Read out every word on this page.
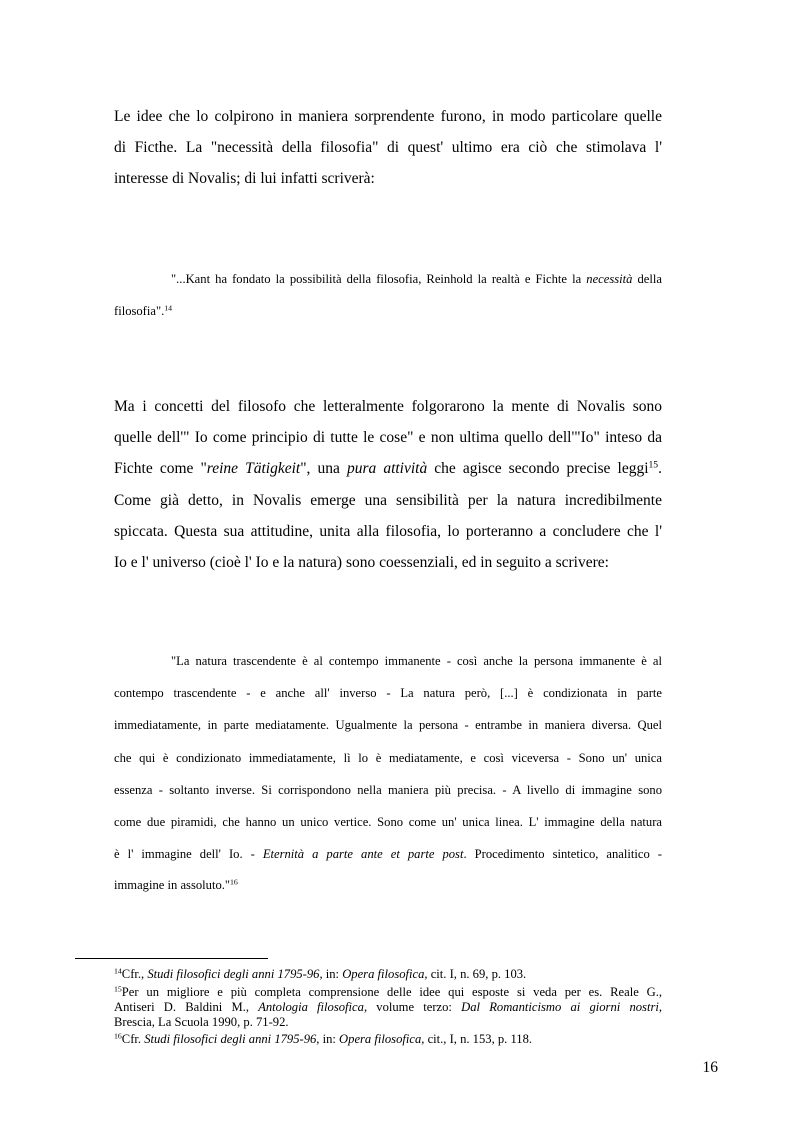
Le idee che lo colpirono in maniera sorprendente furono, in modo particolare quelle
di Ficthe. La "necessità della filosofia" di quest' ultimo era ciò che stimolava l'
interesse di Novalis; di lui infatti scriverà:
"...Kant ha fondato la possibilità della filosofia, Reinhold la realtà e Fichte la necessità della
filosofia".$^{14}$
Ma i concetti del filosofo che letteralmente folgorarono la mente di Novalis sono
quelle dell'" Io come principio di tutte le cose" e non ultima quello dell'"Io" inteso da
Fichte come "reine Tätigkeit", una pura attività che agisce secondo precise leggi$^{15}$.
Come già detto, in Novalis emerge una sensibilità per la natura incredibilmente
spiccata. Questa sua attitudine, unita alla filosofia, lo porteranno a concludere che l'
Io e l' universo (cioè l' Io e la natura) sono coessenziali, ed in seguito a scrivere:
"La natura trascendente è al contempo immanente - così anche la persona immanente è al
contempo trascendente - e anche all' inverso - La natura però, [...] è condizionata in parte
immediatamente, in parte mediatamente. Ugualmente la persona - entrambe in maniera diversa. Quel
che qui è condizionato immediatamente, lì lo è mediatamente, e così viceversa - Sono un' unica
essenza - soltanto inverse. Si corrispondono nella maniera più precisa. - A livello di immagine sono
come due piramidi, che hanno un unico vertice. Sono come un' unica linea. L' immagine della natura
è l' immagine dell' Io. - Eternità a parte ante et parte post. Procedimento sintetico, analitico -
immagine in assoluto."$^{16}$
$^{14}$Cfr., Studi filosofici degli anni 1795-96, in: Opera filosofica, cit. I, n. 69, p. 103.
$^{15}$Per un migliore e più completa comprensione delle idee qui esposte si veda per es. Reale G.,
Antiseri D. Baldini M., Antologia filosofica, volume terzo: Dal Romanticismo ai giorni nostri,
Brescia, La Scuola 1990, p. 71-92.
$^{16}$Cfr. Studi filosofici degli anni 1795-96, in: Opera filosofica, cit., I, n. 153, p. 118.
16
